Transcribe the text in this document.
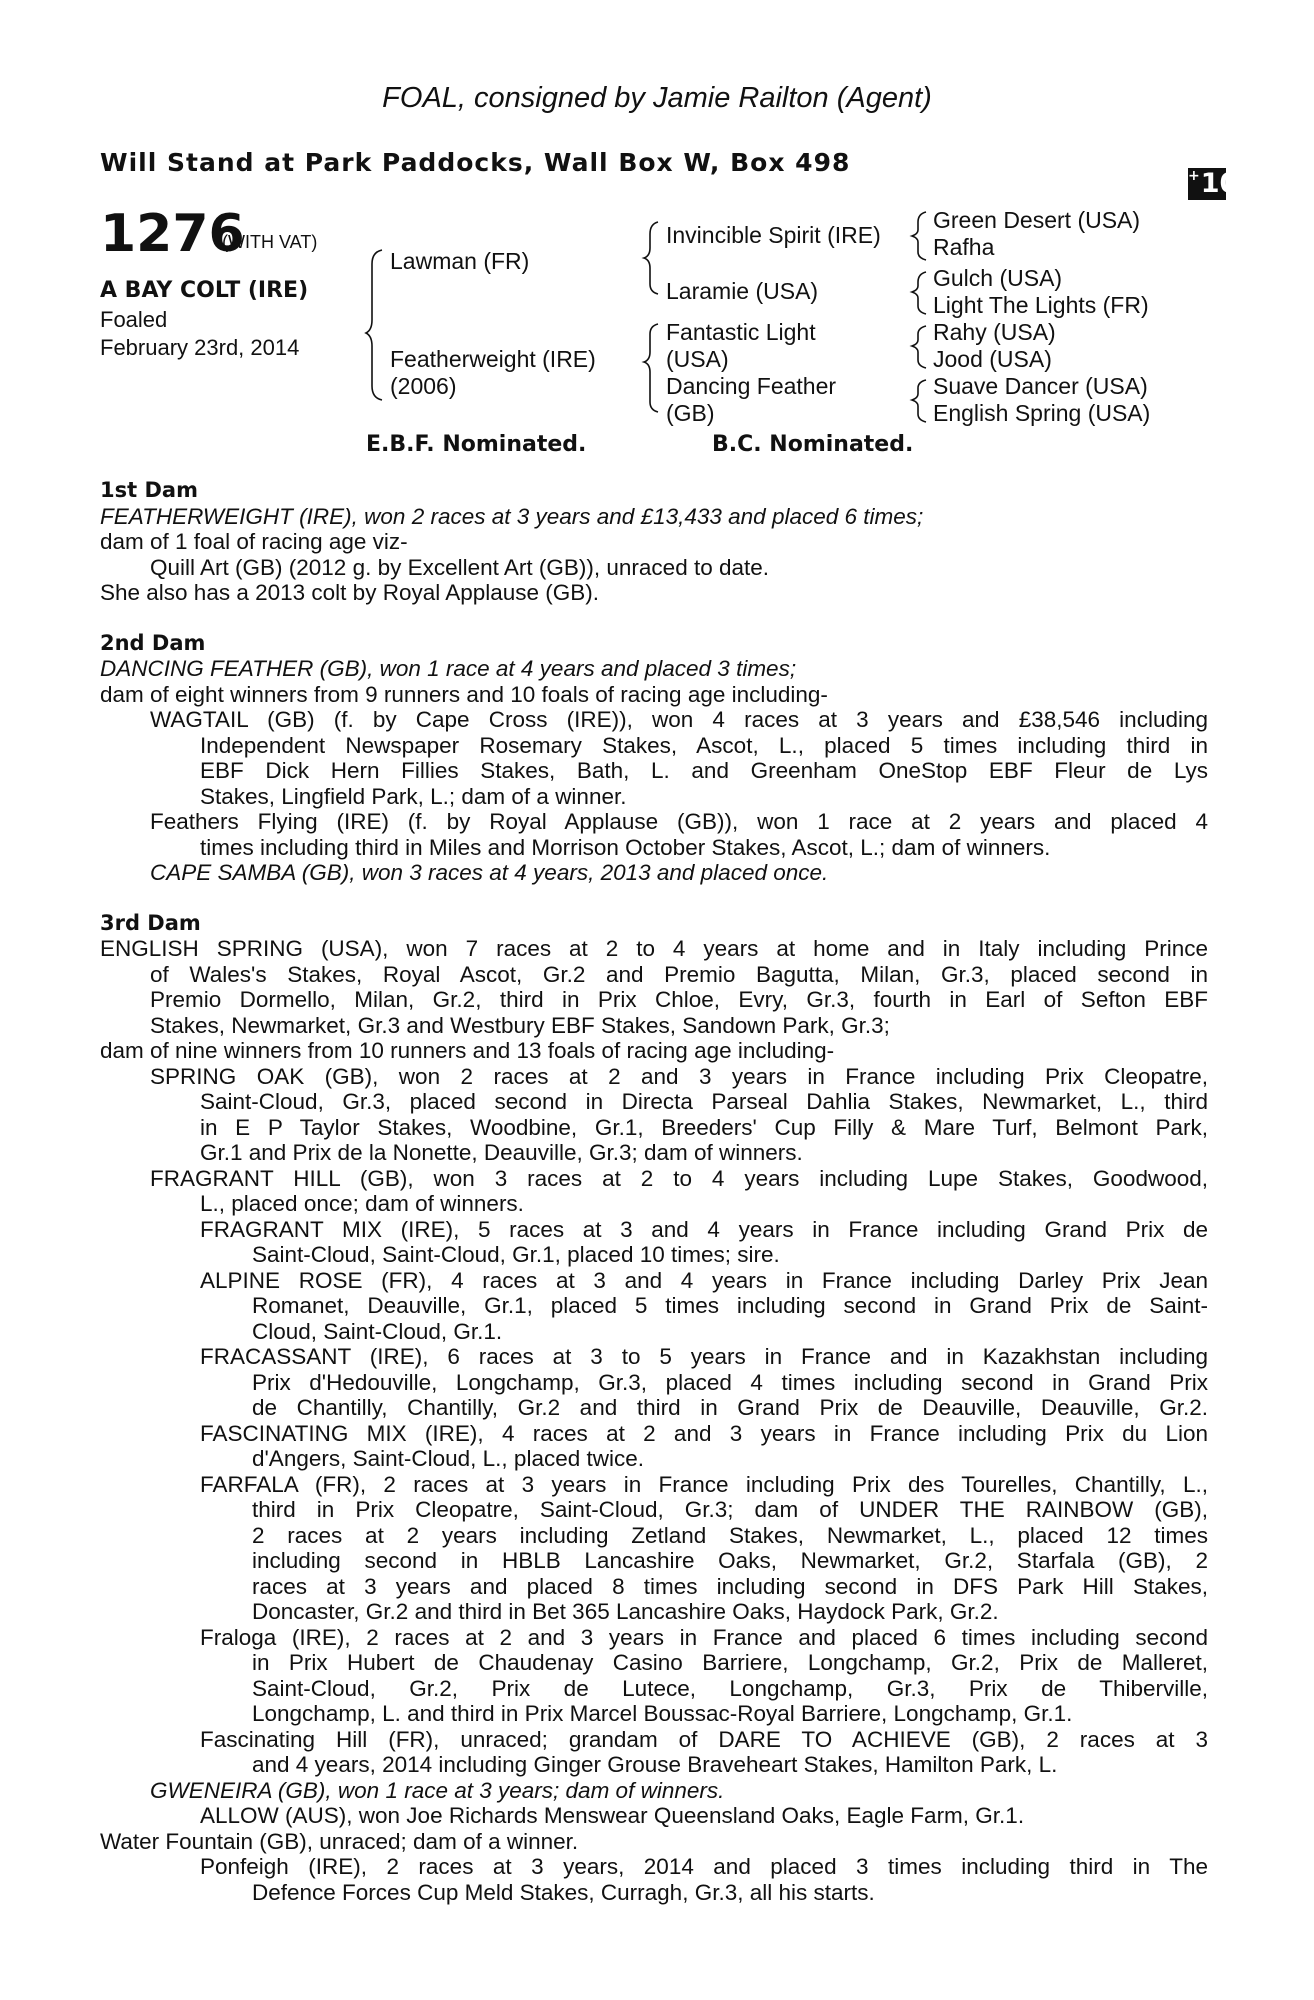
FOAL, consigned by Jamie Railton (Agent)
Will Stand at Park Paddocks, Wall Box W, Box 498	+10
1276
(WITH VAT)
A BAY COLT (IRE)
Foaled
February 23rd, 2014
Lawman (FR)
Featherweight (IRE)
(2006)
Invincible Spirit (IRE)
Laramie (USA)
Fantastic Light
(USA)
Dancing Feather
(GB)
Green Desert (USA)
Rafha
Gulch (USA)
Light The Lights (FR)
Rahy (USA)
Jood (USA)
Suave Dancer (USA)
English Spring (USA)
E.B.F. Nominated.	B.C. Nominated.
1st Dam
FEATHERWEIGHT (IRE), won 2 races at 3 years and £13,433 and placed 6 times;
dam of 1 foal of racing age viz-
Quill Art (GB) (2012 g. by Excellent Art (GB)), unraced to date.
She also has a 2013 colt by Royal Applause (GB).
2nd Dam
DANCING FEATHER (GB), won 1 race at 4 years and placed 3 times;
dam of eight winners from 9 runners and 10 foals of racing age including-
WAGTAIL (GB) (f. by Cape Cross (IRE)), won 4 races at 3 years and £38,546 including
Independent Newspaper Rosemary Stakes, Ascot, L., placed 5 times including third in
EBF Dick Hern Fillies Stakes, Bath, L. and Greenham OneStop EBF Fleur de Lys
Stakes, Lingfield Park, L.; dam of a winner.
Feathers Flying (IRE) (f. by Royal Applause (GB)), won 1 race at 2 years and placed 4
times including third in Miles and Morrison October Stakes, Ascot, L.; dam of winners.
CAPE SAMBA (GB), won 3 races at 4 years, 2013 and placed once.
3rd Dam
ENGLISH SPRING (USA), won 7 races at 2 to 4 years at home and in Italy including Prince
of Wales's Stakes, Royal Ascot, Gr.2 and Premio Bagutta, Milan, Gr.3, placed second in
Premio Dormello, Milan, Gr.2, third in Prix Chloe, Evry, Gr.3, fourth in Earl of Sefton EBF
Stakes, Newmarket, Gr.3 and Westbury EBF Stakes, Sandown Park, Gr.3;
dam of nine winners from 10 runners and 13 foals of racing age including-
SPRING OAK (GB), won 2 races at 2 and 3 years in France including Prix Cleopatre,
Saint-Cloud, Gr.3, placed second in Directa Parseal Dahlia Stakes, Newmarket, L., third
in E P Taylor Stakes, Woodbine, Gr.1, Breeders' Cup Filly & Mare Turf, Belmont Park,
Gr.1 and Prix de la Nonette, Deauville, Gr.3; dam of winners.
FRAGRANT HILL (GB), won 3 races at 2 to 4 years including Lupe Stakes, Goodwood,
L., placed once; dam of winners.
FRAGRANT MIX (IRE), 5 races at 3 and 4 years in France including Grand Prix de
Saint-Cloud, Saint-Cloud, Gr.1, placed 10 times; sire.
ALPINE ROSE (FR), 4 races at 3 and 4 years in France including Darley Prix Jean
Romanet, Deauville, Gr.1, placed 5 times including second in Grand Prix de Saint-
Cloud, Saint-Cloud, Gr.1.
FRACASSANT (IRE), 6 races at 3 to 5 years in France and in Kazakhstan including
Prix d'Hedouville, Longchamp, Gr.3, placed 4 times including second in Grand Prix
de Chantilly, Chantilly, Gr.2 and third in Grand Prix de Deauville, Deauville, Gr.2.
FASCINATING MIX (IRE), 4 races at 2 and 3 years in France including Prix du Lion
d'Angers, Saint-Cloud, L., placed twice.
FARFALA (FR), 2 races at 3 years in France including Prix des Tourelles, Chantilly, L.,
third in Prix Cleopatre, Saint-Cloud, Gr.3; dam of UNDER THE RAINBOW (GB),
2 races at 2 years including Zetland Stakes, Newmarket, L., placed 12 times
including second in HBLB Lancashire Oaks, Newmarket, Gr.2, Starfala (GB), 2
races at 3 years and placed 8 times including second in DFS Park Hill Stakes,
Doncaster, Gr.2 and third in Bet 365 Lancashire Oaks, Haydock Park, Gr.2.
Fraloga (IRE), 2 races at 2 and 3 years in France and placed 6 times including second
in Prix Hubert de Chaudenay Casino Barriere, Longchamp, Gr.2, Prix de Malleret,
Saint-Cloud, Gr.2, Prix de Lutece, Longchamp, Gr.3, Prix de Thiberville,
Longchamp, L. and third in Prix Marcel Boussac-Royal Barriere, Longchamp, Gr.1.
Fascinating Hill (FR), unraced; grandam of DARE TO ACHIEVE (GB), 2 races at 3
and 4 years, 2014 including Ginger Grouse Braveheart Stakes, Hamilton Park, L.
GWENEIRA (GB), won 1 race at 3 years; dam of winners.
ALLOW (AUS), won Joe Richards Menswear Queensland Oaks, Eagle Farm, Gr.1.
Water Fountain (GB), unraced; dam of a winner.
Ponfeigh (IRE), 2 races at 3 years, 2014 and placed 3 times including third in The
Defence Forces Cup Meld Stakes, Curragh, Gr.3, all his starts.
